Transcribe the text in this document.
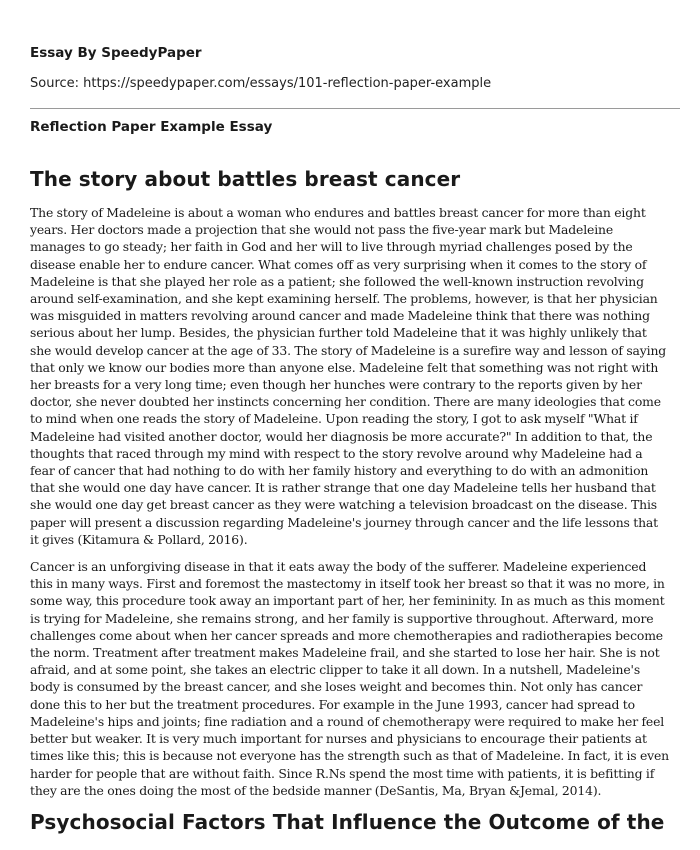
Essay By SpeedyPaper

Source: https://speedypaper.com/essays/101-reflection-paper-example

Reflection Paper Example Essay

The story about battles breast cancer

The story of Madeleine is about a woman who endures and battles breast cancer for more than eight years. Her doctors made a projection that she would not pass the five-year mark but Madeleine manages to go steady; her faith in God and her will to live through myriad challenges posed by the disease enable her to endure cancer. What comes off as very surprising when it comes to the story of Madeleine is that she played her role as a patient; she followed the well-known instruction revolving around self-examination, and she kept examining herself. The problems, however, is that her physician was misguided in matters revolving around cancer and made Madeleine think that there was nothing serious about her lump. Besides, the physician further told Madeleine that it was highly unlikely that she would develop cancer at the age of 33. The story of Madeleine is a surefire way and lesson of saying that only we know our bodies more than anyone else. Madeleine felt that something was not right with her breasts for a very long time; even though her hunches were contrary to the reports given by her doctor, she never doubted her instincts concerning her condition. There are many ideologies that come to mind when one reads the story of Madeleine. Upon reading the story, I got to ask myself "What if Madeleine had visited another doctor, would her diagnosis be more accurate?" In addition to that, the thoughts that raced through my mind with respect to the story revolve around why Madeleine had a fear of cancer that had nothing to do with her family history and everything to do with an admonition that she would one day have cancer. It is rather strange that one day Madeleine tells her husband that she would one day get breast cancer as they were watching a television broadcast on the disease. This paper will present a discussion regarding Madeleine's journey through cancer and the life lessons that it gives (Kitamura & Pollard, 2016).

Cancer is an unforgiving disease in that it eats away the body of the sufferer. Madeleine experienced this in many ways. First and foremost the mastectomy in itself took her breast so that it was no more, in some way, this procedure took away an important part of her, her femininity. In as much as this moment is trying for Madeleine, she remains strong, and her family is supportive throughout. Afterward, more challenges come about when her cancer spreads and more chemotherapies and radiotherapies become the norm. Treatment after treatment makes Madeleine frail, and she started to lose her hair. She is not afraid, and at some point, she takes an electric clipper to take it all down. In a nutshell, Madeleine's body is consumed by the breast cancer, and she loses weight and becomes thin. Not only has cancer done this to her but the treatment procedures. For example in the June 1993, cancer had spread to Madeleine's hips and joints; fine radiation and a round of chemotherapy were required to make her feel better but weaker. It is very much important for nurses and physicians to encourage their patients at times like this; this is because not everyone has the strength such as that of Madeleine. In fact, it is even harder for people that are without faith. Since R.Ns spend the most time with patients, it is befitting if they are the ones doing the most of the bedside manner (DeSantis, Ma, Bryan &Jemal, 2014).

Psychosocial Factors That Influence the Outcome of the
